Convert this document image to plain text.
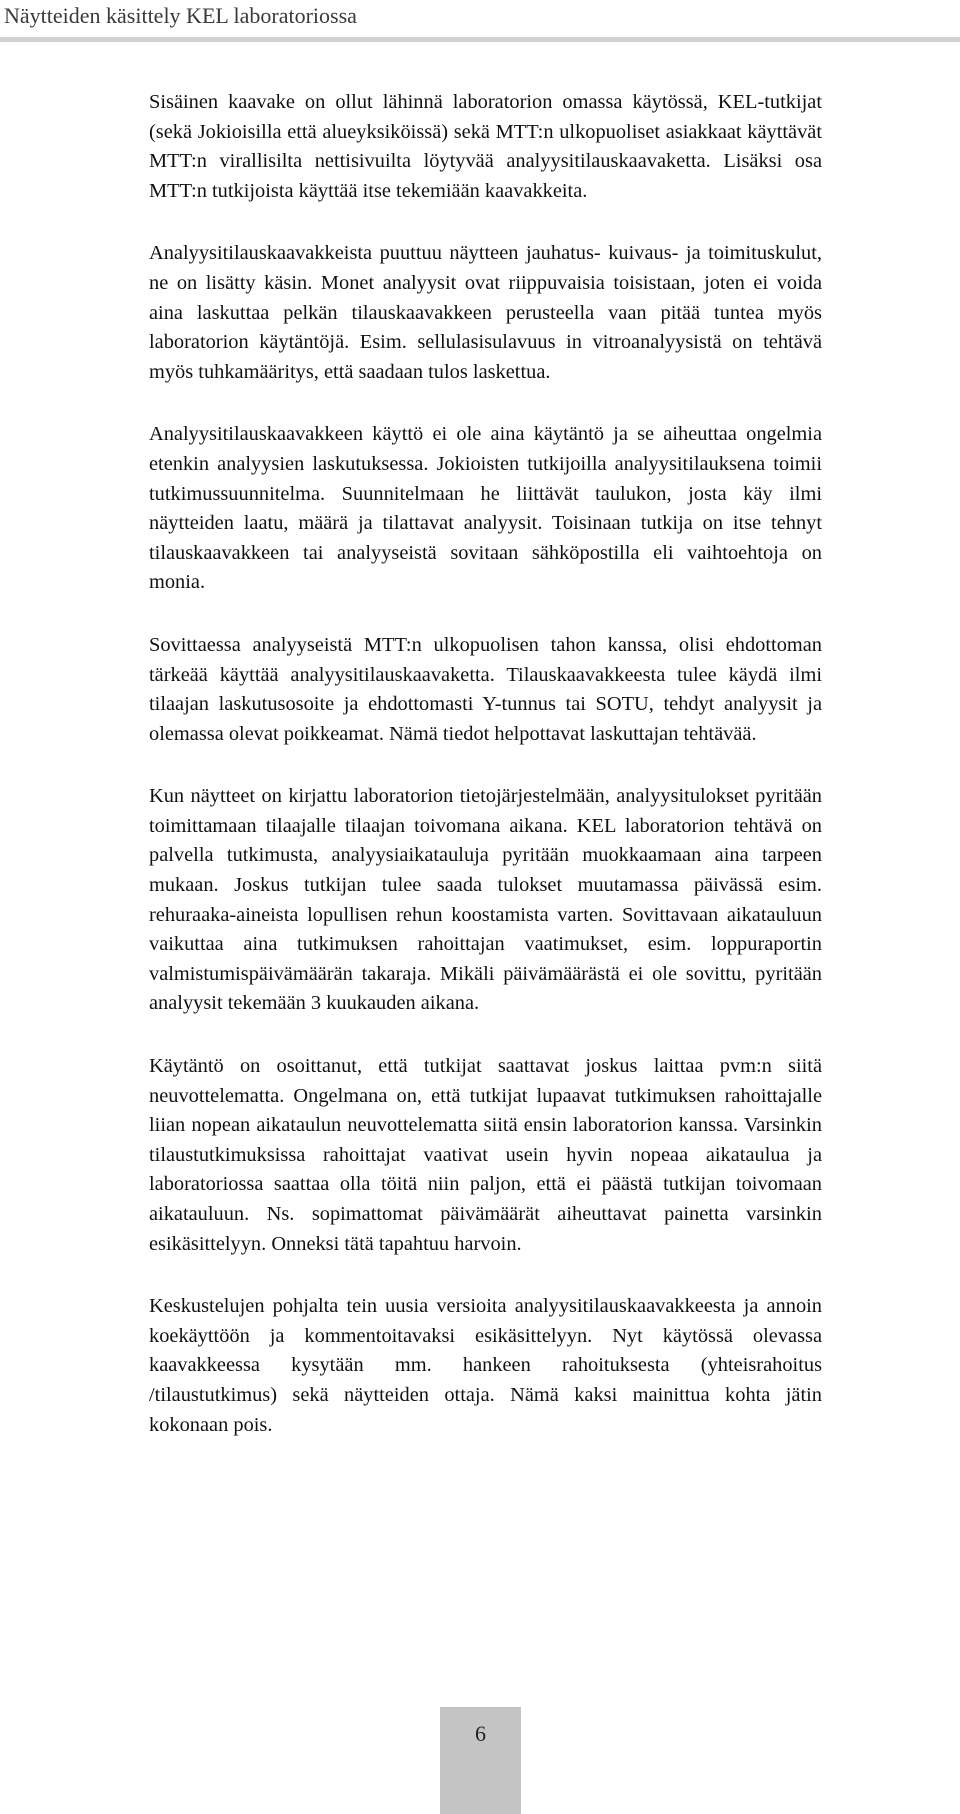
Näytteiden käsittely KEL laboratoriossa

Sisäinen kaavake on ollut lähinnä laboratorion omassa käytössä, KEL-tutkijat (sekä Jokioisilla että alueyksiköissä) sekä MTT:n ulkopuoliset asiakkaat käyttävät MTT:n virallisilta nettisivuilta löytyvää analyysitilauskaavaketta. Lisäksi osa MTT:n tutkijoista käyttää itse tekemiään kaavakkeita.

Analyysitilauskaavakkeista puuttuu näytteen jauhatus- kuivaus- ja toimituskulut, ne on lisätty käsin. Monet analyysit ovat riippuvaisia toisistaan, joten ei voida aina laskuttaa pelkän tilauskaavakkeen perusteella vaan pitää tuntea myös laboratorion käytäntöjä. Esim. sellulasisulavuus in vitroanalyysistä on tehtävä myös tuhkamääritys, että saadaan tulos laskettua.

Analyysitilauskaavakkeen käyttö ei ole aina käytäntö ja se aiheuttaa ongelmia etenkin analyysien laskutuksessa. Jokioisten tutkijoilla analyysitilauksena toimii tutkimussuunnitelma. Suunnitelmaan he liittävät taulukon, josta käy ilmi näytteiden laatu, määrä ja tilattavat analyysit. Toisinaan tutkija on itse tehnyt tilauskaavakkeen tai analyyseistä sovitaan sähköpostilla eli vaihtoehtoja on monia.

Sovittaessa analyyseistä MTT:n ulkopuolisen tahon kanssa, olisi ehdottoman tärkeää käyttää analyysitilauskaavaketta. Tilauskaavakkeesta tulee käydä ilmi tilaajan laskutusosoite ja ehdottomasti Y-tunnus tai SOTU, tehdyt analyysit ja olemassa olevat poikkeamat. Nämä tiedot helpottavat laskuttajan tehtävää.

Kun näytteet on kirjattu laboratorion tietojärjestelmään, analyysitulokset pyritään toimittamaan tilaajalle tilaajan toivomana aikana. KEL laboratorion tehtävä on palvella tutkimusta, analyysiaikatauluja pyritään muokkaamaan aina tarpeen mukaan. Joskus tutkijan tulee saada tulokset muutamassa päivässä esim. rehuraaka-aineista lopullisen rehun koostamista varten. Sovittavaan aikatauluun vaikuttaa aina tutkimuksen rahoittajan vaatimukset, esim. loppuraportin valmistumispäivämäärän takaraja. Mikäli päivämäärästä ei ole sovittu, pyritään analyysit tekemään 3 kuukauden aikana.

Käytäntö on osoittanut, että tutkijat saattavat joskus laittaa pvm:n siitä neuvottelematta. Ongelmana on, että tutkijat lupaavat tutkimuksen rahoittajalle liian nopean aikataulun neuvottelematta siitä ensin laboratorion kanssa. Varsinkin tilaustutkimuksissa rahoittajat vaativat usein hyvin nopeaa aikataulua ja laboratoriossa saattaa olla töitä niin paljon, että ei päästä tutkijan toivomaan aikatauluun. Ns. sopimattomat päivämäärät aiheuttavat painetta varsinkin esikäsittelyyn. Onneksi tätä tapahtuu harvoin.

Keskustelujen pohjalta tein uusia versioita analyysitilauskaavakkeesta ja annoin koekäyttöön ja kommentoitavaksi esikäsittelyyn. Nyt käytössä olevassa kaavakkeessa kysytään mm. hankeen rahoituksesta (yhteisrahoitus /tilaustutkimus) sekä näytteiden ottaja. Nämä kaksi mainittua kohta jätin kokonaan pois.

6
